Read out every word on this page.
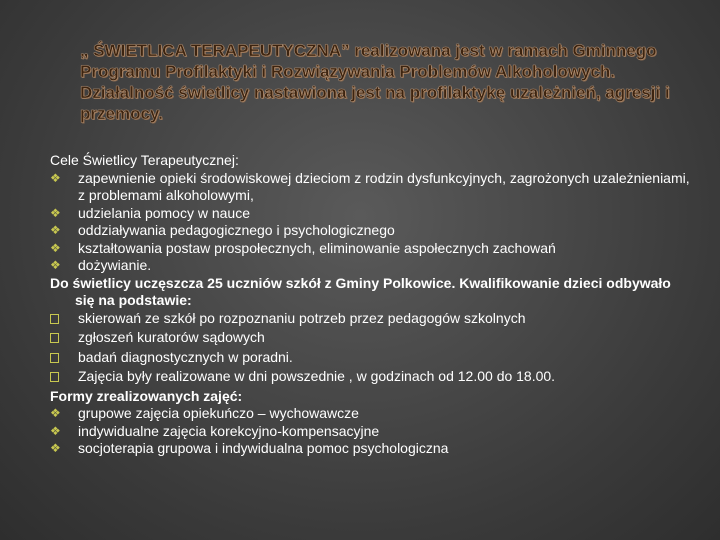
„ ŚWIETLICA TERAPEUTYCZNA” realizowana jest w ramach Gminnego Programu Profilaktyki i Rozwiązywania Problemów Alkoholowych. Działalność świetlicy nastawiona jest na profilaktykę uzależnień, agresji i przemocy.
Cele Świetlicy Terapeutycznej:
❖	zapewnienie opieki środowiskowej dzieciom z rodzin dysfunkcyjnych, zagrożonych uzależnieniami, z problemami alkoholowymi,
❖	udzielania pomocy w nauce
❖	oddziaływania pedagogicznego i psychologicznego
❖	kształtowania postaw prospołecznych, eliminowanie aspołecznych zachowań
❖	dożywianie.
Do świetlicy uczęszcza 25 uczniów szkół z Gminy Polkowice. Kwalifikowanie dzieci odbywało się na podstawie:
skierowań ze szkół po rozpoznaniu potrzeb przez pedagogów szkolnych
zgłoszeń kuratorów sądowych
badań diagnostycznych w poradni.
Zajęcia były realizowane w dni powszednie , w godzinach od 12.00 do 18.00.
Formy zrealizowanych zajęć:
❖	grupowe zajęcia opiekuńczo – wychowawcze
❖	indywidualne zajęcia korekcyjno-kompensacyjne
❖	socjoterapia grupowa i indywidualna pomoc psychologiczna
